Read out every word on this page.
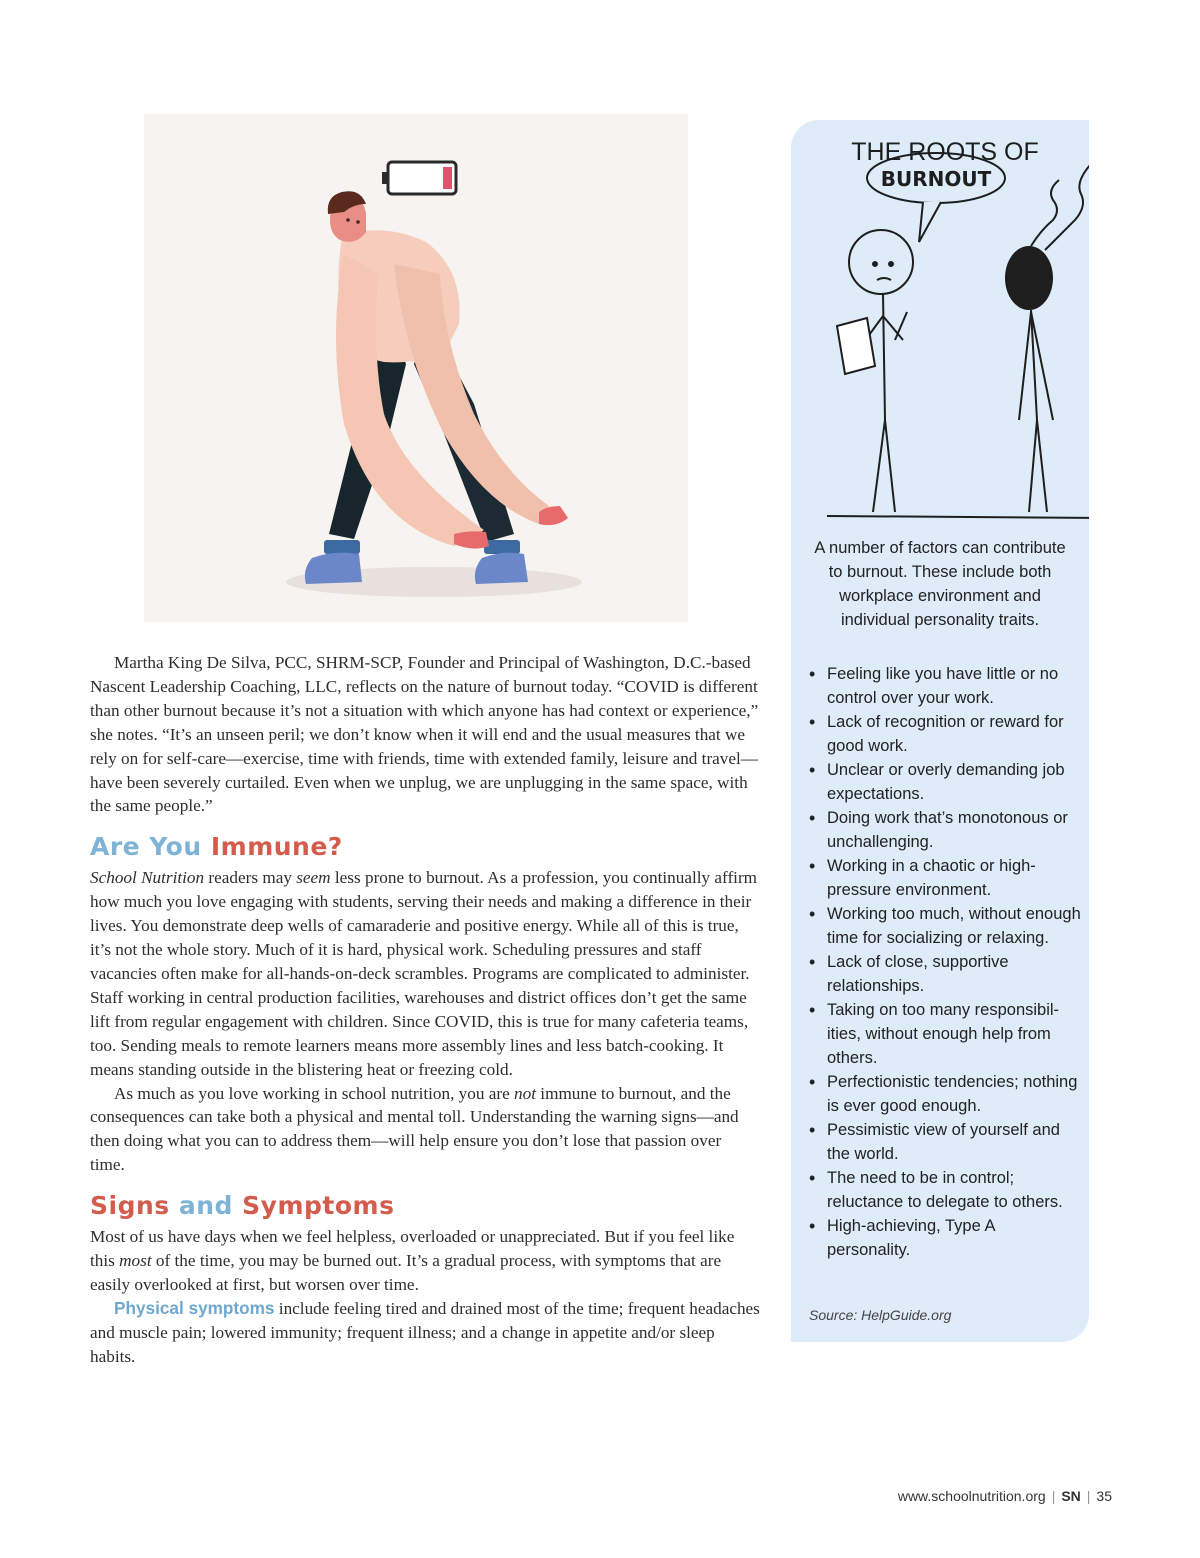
Martha King De Silva, PCC, SHRM-SCP, Founder and Principal of Washington, D.C.-based Nascent Leadership Coaching, LLC, reflects on the nature of burnout today. “COVID is different than other burnout because it’s not a situation with which anyone has had context or experience,” she notes. “It’s an unseen peril; we don’t know when it will end and the usual measures that we rely on for self-care—exercise, time with friends, time with extended family, leisure and travel—have been severely curtailed. Even when we unplug, we are unplugging in the same space, with the same people.”

Are You Immune?

School Nutrition readers may seem less prone to burnout. As a profession, you continually affirm how much you love engaging with students, serving their needs and making a difference in their lives. You demonstrate deep wells of camaraderie and positive energy. While all of this is true, it’s not the whole story. Much of it is hard, physical work. Scheduling pressures and staff vacancies often make for all-hands-on-deck scrambles. Programs are complicated to administer. Staff working in central production facilities, warehouses and district offices don’t get the same lift from regular engagement with children. Since COVID, this is true for many cafeteria teams, too. Sending meals to remote learners means more assembly lines and less batch-cooking. It means standing outside in the blistering heat or freezing cold.

As much as you love working in school nutrition, you are not immune to burnout, and the consequences can take both a physical and mental toll. Understanding the warning signs—and then doing what you can to address them—will help ensure you don’t lose that passion over time.

Signs and Symptoms

Most of us have days when we feel helpless, overloaded or unappreciated. But if you feel like this most of the time, you may be burned out. It’s a gradual process, with symptoms that are easily overlooked at first, but worsen over time.

Physical symptoms include feeling tired and drained most of the time; frequent headaches and muscle pain; lowered immunity; frequent illness; and a change in appetite and/or sleep habits.

THE ROOTS OF
BURNOUT
A number of factors can contribute to burnout. These include both workplace environment and individual personality traits.
• Feeling like you have little or no control over your work.
• Lack of recognition or reward for good work.
• Unclear or overly demanding job expectations.
• Doing work that’s monotonous or unchallenging.
• Working in a chaotic or high-pressure environment.
• Working too much, without enough time for socializing or relaxing.
• Lack of close, supportive relationships.
• Taking on too many responsibil-ities, without enough help from others.
• Perfectionistic tendencies; nothing is ever good enough.
• Pessimistic view of yourself and the world.
• The need to be in control; reluctance to delegate to others.
• High-achieving, Type A personality.
Source: HelpGuide.org
www.schoolnutrition.org | SN | 35
